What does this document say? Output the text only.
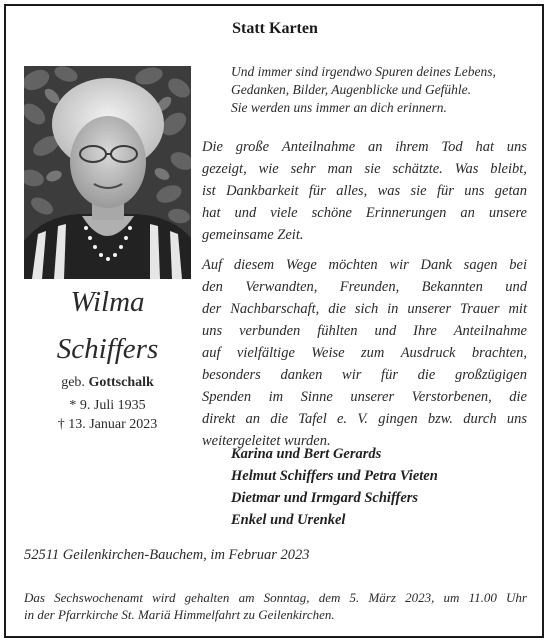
Statt Karten
Wilma
Schiffers
geb. Gottschalk
* 9. Juli 1935
† 13. Januar 2023
Und immer sind irgendwo Spuren deines Lebens,
Gedanken, Bilder, Augenblicke und Gefühle.
Sie werden uns immer an dich erinnern.
Die große Anteilnahme an ihrem Tod hat uns
gezeigt, wie sehr man sie schätzte. Was bleibt,
ist Dankbarkeit für alles, was sie für uns getan
hat und viele schöne Erinnerungen an unsere
gemeinsame Zeit.
Auf diesem Wege möchten wir Dank sagen bei
den Verwandten, Freunden, Bekannten und
der Nachbarschaft, die sich in unserer Trauer mit
uns verbunden fühlten und Ihre Anteilnahme
auf vielfältige Weise zum Ausdruck brachten,
besonders danken wir für die großzügigen
Spenden im Sinne unserer Verstorbenen, die
direkt an die Tafel e. V. gingen bzw. durch uns
weitergeleitet wurden.
Karina und Bert Gerards
Helmut Schiffers und Petra Vieten
Dietmar und Irmgard Schiffers
Enkel und Urenkel
52511 Geilenkirchen-Bauchem, im Februar 2023
Das Sechswochenamt wird gehalten am Sonntag, dem 5. März 2023, um 11.00 Uhr
in der Pfarrkirche St. Mariä Himmelfahrt zu Geilenkirchen.
